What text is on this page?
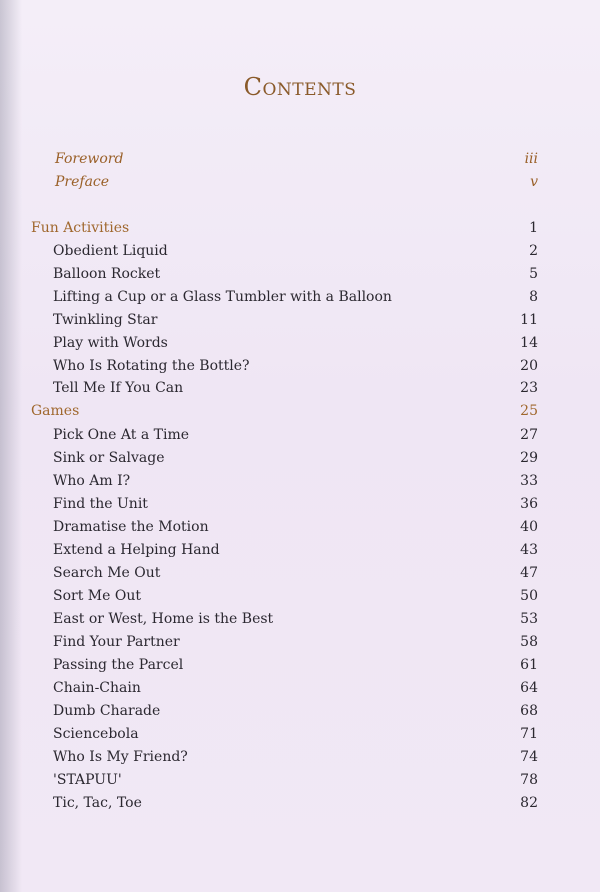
Contents
Foreword	iii
Preface	v
Fun Activities	1
Obedient Liquid	2
Balloon Rocket	5
Lifting a Cup or a Glass Tumbler with a Balloon	8
Twinkling Star	11
Play with Words	14
Who Is Rotating the Bottle?	20
Tell Me If You Can	23
Games	25
Pick One At a Time	27
Sink or Salvage	29
Who Am I?	33
Find the Unit	36
Dramatise the Motion	40
Extend a Helping Hand	43
Search Me Out	47
Sort Me Out	50
East or West, Home is the Best	53
Find Your Partner	58
Passing the Parcel	61
Chain-Chain	64
Dumb Charade	68
Sciencebola	71
Who Is My Friend?	74
'STAPUU'	78
Tic, Tac, Toe	82
